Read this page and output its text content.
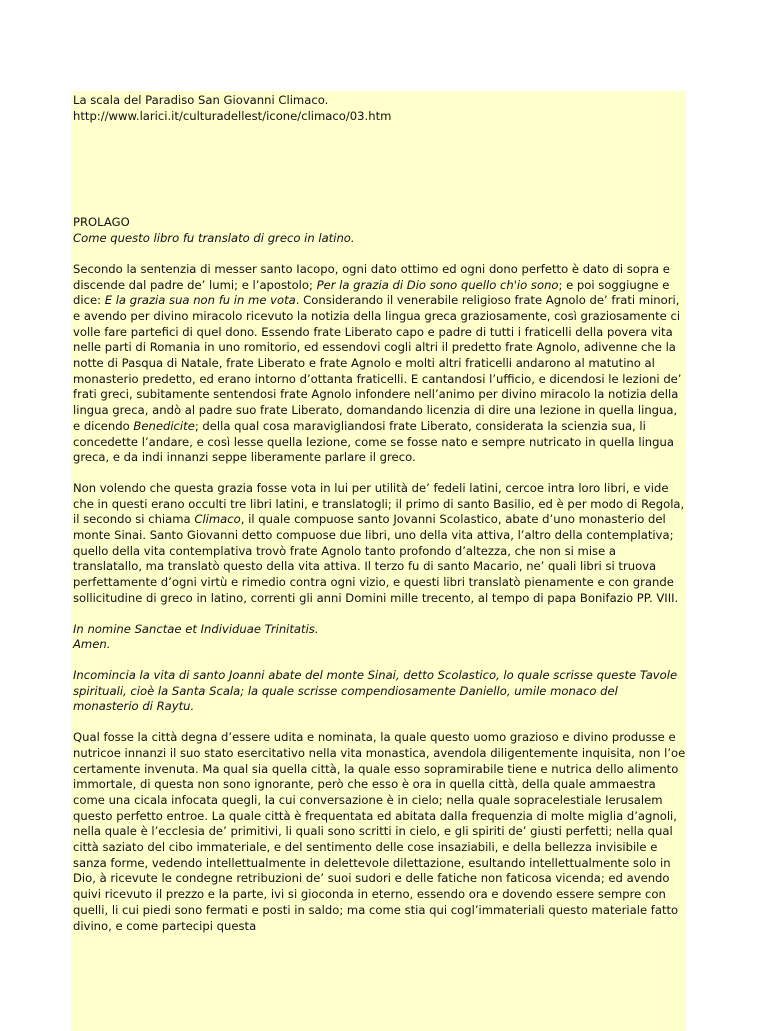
La scala del Paradiso San Giovanni Climaco.

http://www.larici.it/culturadellest/icone/climaco/03.htm

PROLAGO

Come questo libro fu translato di greco in latino.

Secondo la sentenzia di messer santo Iacopo, ogni dato ottimo ed ogni dono perfetto è dato di sopra e discende dal padre de’ lumi; e l’apostolo; Per la grazia di Dio sono quello ch'io sono; e poi soggiugne e dice: E la grazia sua non fu in me vota. Considerando il venerabile religioso frate Agnolo de’ frati minori, e avendo per divino miracolo ricevuto la notizia della lingua greca graziosamente, così graziosamente ci volle fare partefici di quel dono. Essendo frate Liberato capo e padre di tutti i fraticelli della povera vita nelle parti di Romania in uno romitorio, ed essendovi cogli altri il predetto frate Agnolo, adivenne che la notte di Pasqua di Natale, frate Liberato e frate Agnolo e molti altri fraticelli andarono al matutino al monasterio predetto, ed erano intorno d’ottanta fraticelli. E cantandosi l’ufficio, e dicendosi le lezioni de’ frati greci, subitamente sentendosi frate Agnolo infondere nell’animo per divino miracolo la notizia della lingua greca, andò al padre suo frate Liberato, domandando licenzia di dire una lezione in quella lingua, e dicendo Benedicite; della qual cosa maravigliandosi frate Liberato, considerata la scienzia sua, li concedette l’andare, e così lesse quella lezione, come se fosse nato e sempre nutricato in quella lingua greca, e da indi innanzi seppe liberamente parlare il greco.

Non volendo che questa grazia fosse vota in lui per utilità de’ fedeli latini, cercoe intra loro libri, e vide che in questi erano occulti tre libri latini, e translatogli; il primo di santo Basilio, ed è per modo di Regola, il secondo si chiama Climaco, il quale compuose santo Jovanni Scolastico, abate d’uno monasterio del monte Sinai. Santo Giovanni detto compuose due libri, uno della vita attiva, l’altro della contemplativa; quello della vita contemplativa trovò frate Agnolo tanto profondo d’altezza, che non si mise a translatallo, ma translatò questo della vita attiva. Il terzo fu di santo Macario, ne’ quali libri si truova perfettamente d’ogni virtù e rimedio contra ogni vizio, e questi libri translatò pienamente e con grande sollicitudine di greco in latino, correnti gli anni Domini mille trecento, al tempo di papa Bonifazio PP. VIII.

In nomine Sanctae et Individuae Trinitatis.

Amen.

Incomincia la vita di santo Joanni abate del monte Sinai, detto Scolastico, lo quale scrisse queste Tavole spirituali, cioè la Santa Scala; la quale scrisse compendiosamente Daniello, umile monaco del monasterio di Raytu.

Qual fosse la città degna d’essere udita e nominata, la quale questo uomo grazioso e divino produsse e nutricoe innanzi il suo stato esercitativo nella vita monastica, avendola diligentemente inquisita, non l’oe certamente invenuta. Ma qual sia quella città, la quale esso sopramirabile tiene e nutrica dello alimento immortale, di questa non sono ignorante, però che esso è ora in quella città, della quale ammaestra come una cicala infocata quegli, la cui conversazione è in cielo; nella quale sopracelestiale Ierusalem questo perfetto entroe. La quale città è frequentata ed abitata dalla frequenzia di molte miglia d’agnoli, nella quale è l’ecclesia de’ primitivi, li quali sono scritti in cielo, e gli spiriti de’ giusti perfetti; nella qual città saziato del cibo immateriale, e del sentimento delle cose insaziabili, e della bellezza invisibile e sanza forme, vedendo intellettualmente in delettevole dilettazione, esultando intellettualmente solo in Dio, à ricevute le condegne retribuzioni de’ suoi sudori e delle fatiche non faticosa vicenda; ed avendo quivi ricevuto il prezzo e la parte, ivi si gioconda in eterno, essendo ora e dovendo essere sempre con quelli, li cui piedi sono fermati e posti in saldo; ma come stia qui cogl’immateriali questo materiale fatto divino, e come partecipi questa
